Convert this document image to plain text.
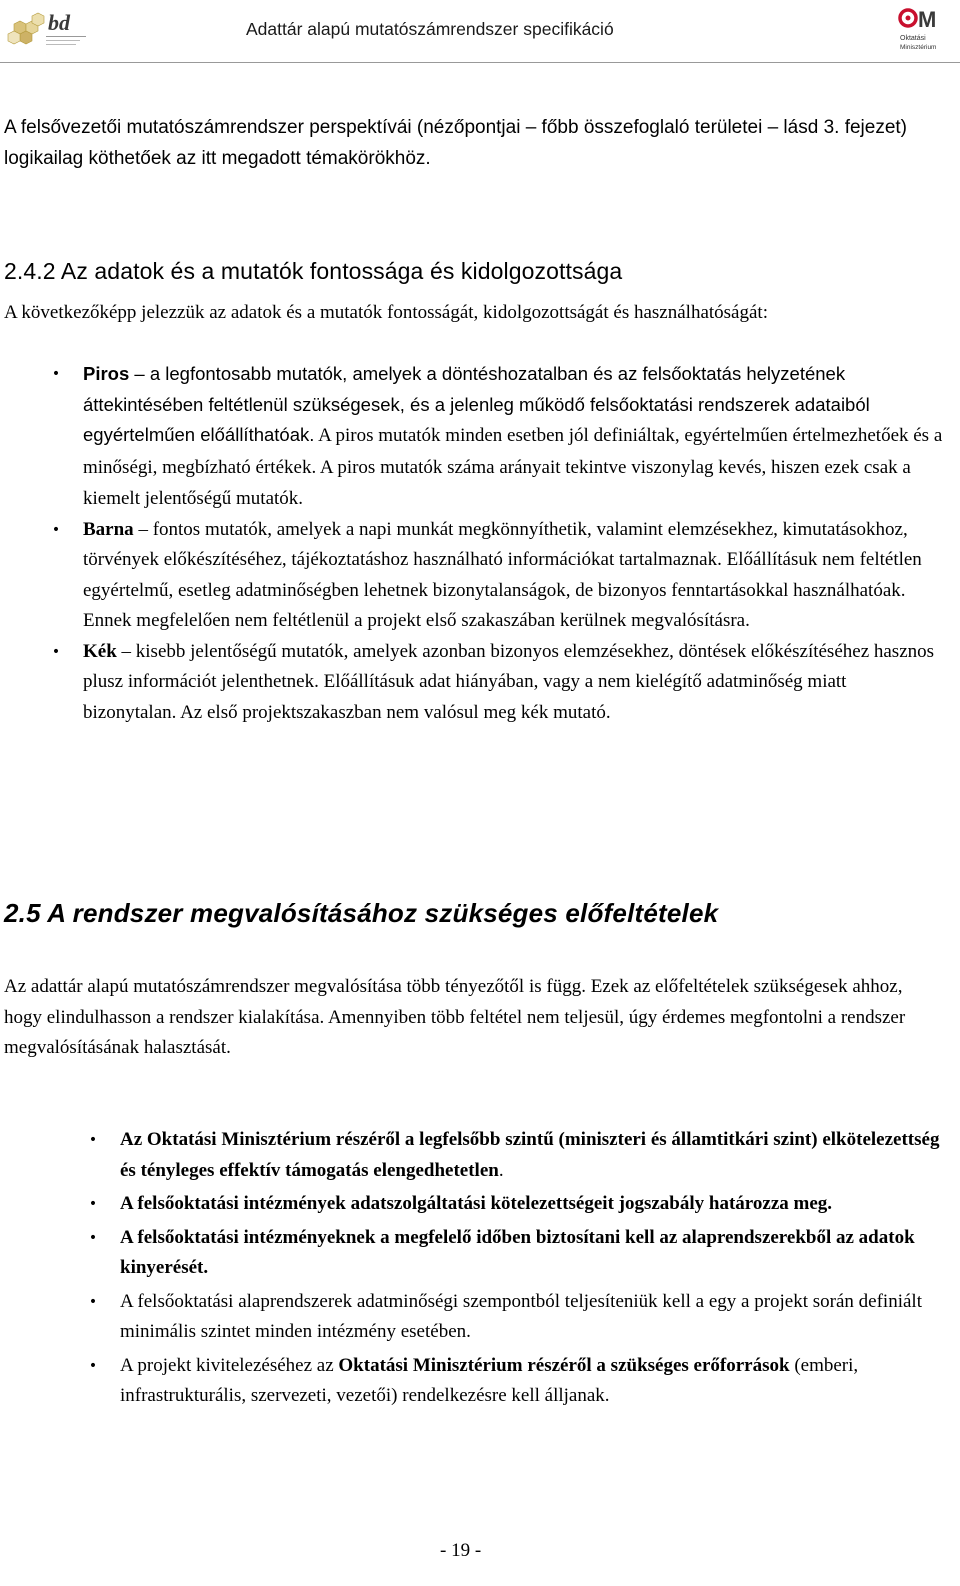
bd	Adattár alapú mutatószámrendszer specifikáció	M
Oktatási
Minisztérium
A felsővezetői mutatószámrendszer perspektívái (nézőpontjai – főbb összefoglaló területei – lásd 3. fejezet) logikailag köthetőek az itt megadott témakörökhöz.
2.4.2 Az adatok és a mutatók fontossága és kidolgozottsága
A következőképp jelezzük az adatok és a mutatók fontosságát, kidolgozottságát és használhatóságát:
•	Piros – a legfontosabb mutatók, amelyek a döntéshozatalban és az felsőoktatás helyzetének áttekintésében feltétlenül szükségesek, és a jelenleg működő felsőoktatási rendszerek adataiból egyértelműen előállíthatóak. A piros mutatók minden esetben jól definiáltak, egyértelműen értelmezhetőek és a minőségi, megbízható értékek. A piros mutatók száma arányait tekintve viszonylag kevés, hiszen ezek csak a kiemelt jelentőségű mutatók.
•	Barna – fontos mutatók, amelyek a napi munkát megkönnyíthetik, valamint elemzésekhez, kimutatásokhoz, törvények előkészítéséhez, tájékoztatáshoz használható információkat tartalmaznak. Előállításuk nem feltétlen egyértelmű, esetleg adatminőségben lehetnek bizonytalanságok, de bizonyos fenntartásokkal használhatóak. Ennek megfelelően nem feltétlenül a projekt első szakaszában kerülnek megvalósításra.
•	Kék – kisebb jelentőségű mutatók, amelyek azonban bizonyos elemzésekhez, döntések előkészítéséhez hasznos plusz információt jelenthetnek. Előállításuk adat hiányában, vagy a nem kielégítő adatminőség miatt bizonytalan. Az első projektszakaszban nem valósul meg kék mutató.
2.5 A rendszer megvalósításához szükséges előfeltételek
Az adattár alapú mutatószámrendszer megvalósítása több tényezőtől is függ. Ezek az előfeltételek szükségesek ahhoz, hogy elindulhasson a rendszer kialakítása. Amennyiben több feltétel nem teljesül, úgy érdemes megfontolni a rendszer megvalósításának halasztását.
•	Az Oktatási Minisztérium részéről a legfelsőbb szintű (miniszteri és államtitkári szint) elkötelezettség és tényleges effektív támogatás elengedhetetlen.
•	A felsőoktatási intézmények adatszolgáltatási kötelezettségeit jogszabály határozza meg.
•	A felsőoktatási intézményeknek a megfelelő időben biztosítani kell az alaprendszerekből az adatok kinyerését.
•	A felsőoktatási alaprendszerek adatminőségi szempontból teljesíteniük kell a egy a projekt során definiált minimális szintet minden intézmény esetében.
•	A projekt kivitelezéséhez az Oktatási Minisztérium részéről a szükséges erőforrások (emberi, infrastrukturális, szervezeti, vezetői) rendelkezésre kell álljanak.
- 19 -
